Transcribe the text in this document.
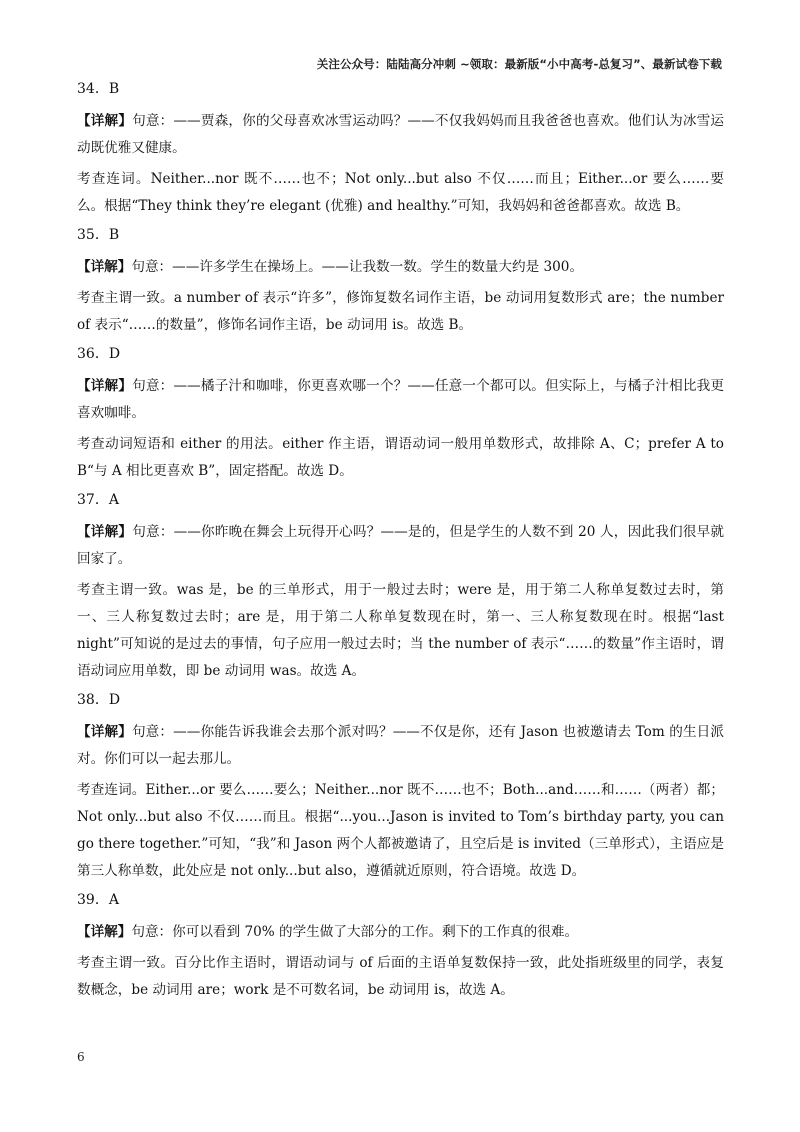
关注公众号：陆陆高分冲刺 ~领取：最新版“小中高考-总复习”、最新试卷下载
34．B
【详解】句意：——贾森，你的父母喜欢冰雪运动吗？——不仅我妈妈而且我爸爸也喜欢。他们认为冰雪运动既优雅又健康。
考查连词。Neither...nor 既不……也不；Not only...but also 不仅……而且；Either...or 要么……要么。根据“They think they’re elegant (优雅) and healthy.”可知，我妈妈和爸爸都喜欢。故选 B。
35．B
【详解】句意：——许多学生在操场上。——让我数一数。学生的数量大约是 300。
考查主谓一致。a number of 表示“许多”，修饰复数名词作主语，be 动词用复数形式 are；the number of 表示“……的数量”，修饰名词作主语，be 动词用 is。故选 B。
36．D
【详解】句意：——橘子汁和咖啡，你更喜欢哪一个？——任意一个都可以。但实际上，与橘子汁相比我更喜欢咖啡。
考查动词短语和 either 的用法。either 作主语，谓语动词一般用单数形式，故排除 A、C；prefer A to B“与 A 相比更喜欢 B”，固定搭配。故选 D。
37．A
【详解】句意：——你昨晚在舞会上玩得开心吗？——是的，但是学生的人数不到 20 人，因此我们很早就回家了。
考查主谓一致。was 是，be 的三单形式，用于一般过去时；were 是，用于第二人称单复数过去时，第一、三人称复数过去时；are 是，用于第二人称单复数现在时，第一、三人称复数现在时。根据“last night”可知说的是过去的事情，句子应用一般过去时；当 the number of 表示“……的数量”作主语时，谓语动词应用单数，即 be 动词用 was。故选 A。
38．D
【详解】句意：——你能告诉我谁会去那个派对吗？——不仅是你，还有 Jason 也被邀请去 Tom 的生日派对。你们可以一起去那儿。
考查连词。Either...or 要么……要么；Neither...nor 既不……也不；Both...and……和……（两者）都；Not only...but also 不仅……而且。根据“...you...Jason is invited to Tom’s birthday party, you can go there together.”可知，“我”和 Jason 两个人都被邀请了，且空后是 is invited（三单形式），主语应是第三人称单数，此处应是 not only...but also，遵循就近原则，符合语境。故选 D。
39．A
【详解】句意：你可以看到 70% 的学生做了大部分的工作。剩下的工作真的很难。
考查主谓一致。百分比作主语时，谓语动词与 of 后面的主语单复数保持一致，此处指班级里的同学，表复数概念，be 动词用 are；work 是不可数名词，be 动词用 is，故选 A。
6
